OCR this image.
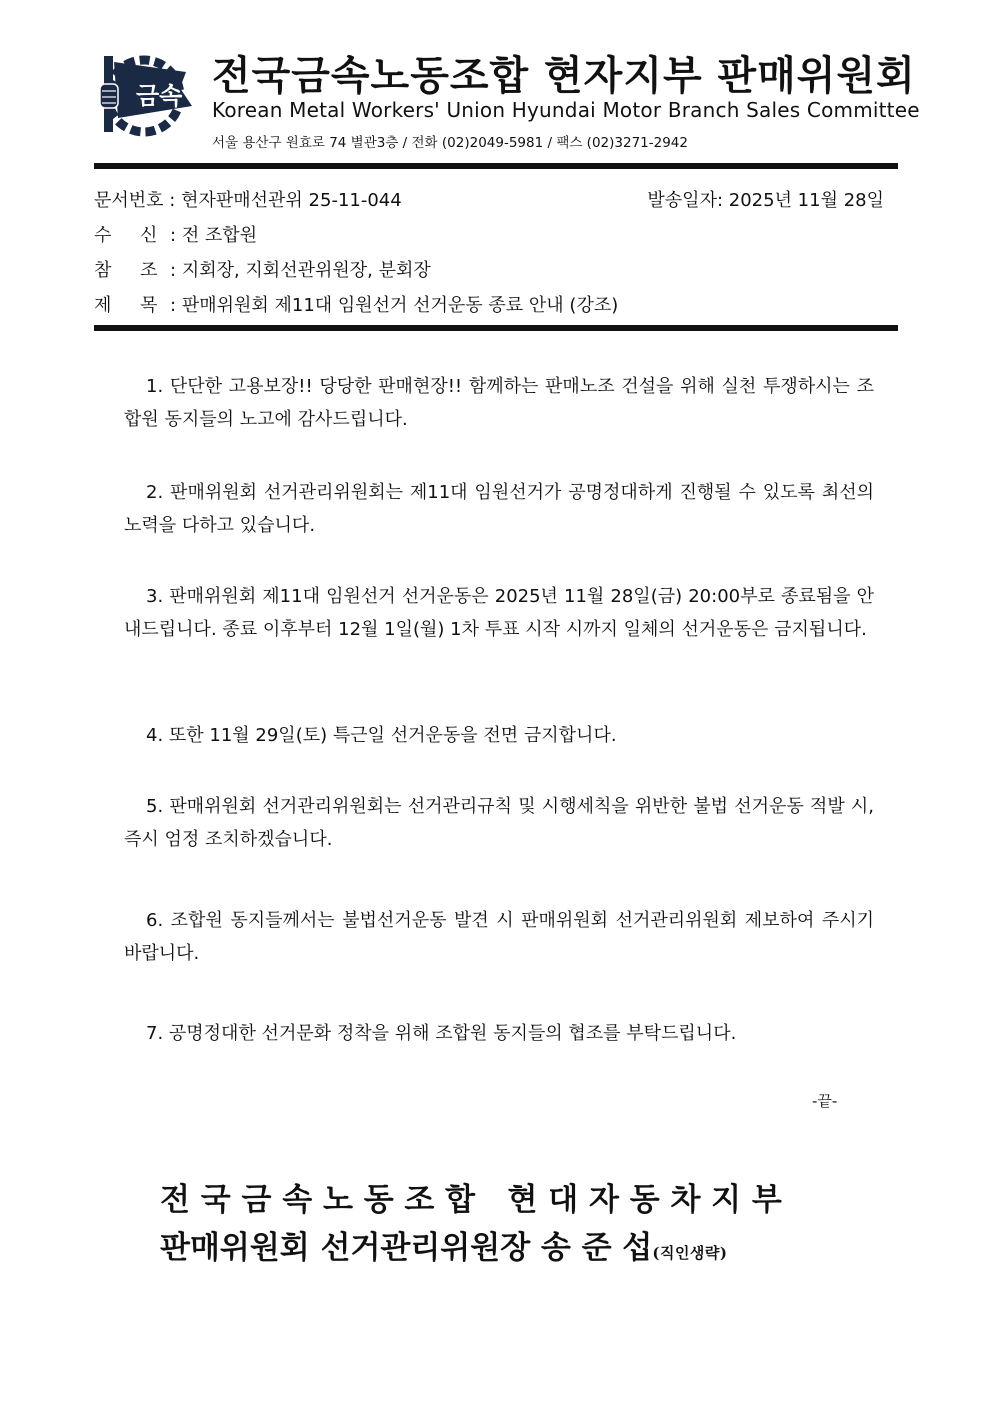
금속 전국금속노동조합 현자지부 판매위원회
Korean Metal Workers' Union Hyundai Motor Branch Sales Committee
서울 용산구 원효로 74 별관3층 / 전화 (02)2049-5981 / 팩스 (02)3271-2942
문서번호 : 현자판매선관위 25-11-044	발송일자: 2025년 11월 28일
수     신 : 전 조합원
참     조 : 지회장, 지회선관위원장, 분회장
제     목 : 판매위원회 제11대 임원선거 선거운동 종료 안내 (강조)
1. 단단한 고용보장!! 당당한 판매현장!! 함께하는 판매노조 건설을 위해 실천 투쟁하시는 조합원 동지들의 노고에 감사드립니다.
2. 판매위원회 선거관리위원회는 제11대 임원선거가 공명정대하게 진행될 수 있도록 최선의 노력을 다하고 있습니다.
3. 판매위원회 제11대 임원선거 선거운동은 2025년 11월 28일(금) 20:00부로 종료됨을 안내드립니다. 종료 이후부터 12월 1일(월) 1차 투표 시작 시까지 일체의 선거운동은 금지됩니다.
4. 또한 11월 29일(토) 특근일 선거운동을 전면 금지합니다.
5. 판매위원회 선거관리위원회는 선거관리규칙 및 시행세칙을 위반한 불법 선거운동 적발 시, 즉시 엄정 조치하겠습니다.
6. 조합원 동지들께서는 불법선거운동 발견 시 판매위원회 선거관리위원회 제보하여 주시기 바랍니다.
7. 공명정대한 선거문화 정착을 위해 조합원 동지들의 협조를 부탁드립니다.
-끝-
전 국 금 속 노 동 조 합   현 대 자 동 차 지 부
판매위원회 선거관리위원장 송 준 섭(직인생략)
